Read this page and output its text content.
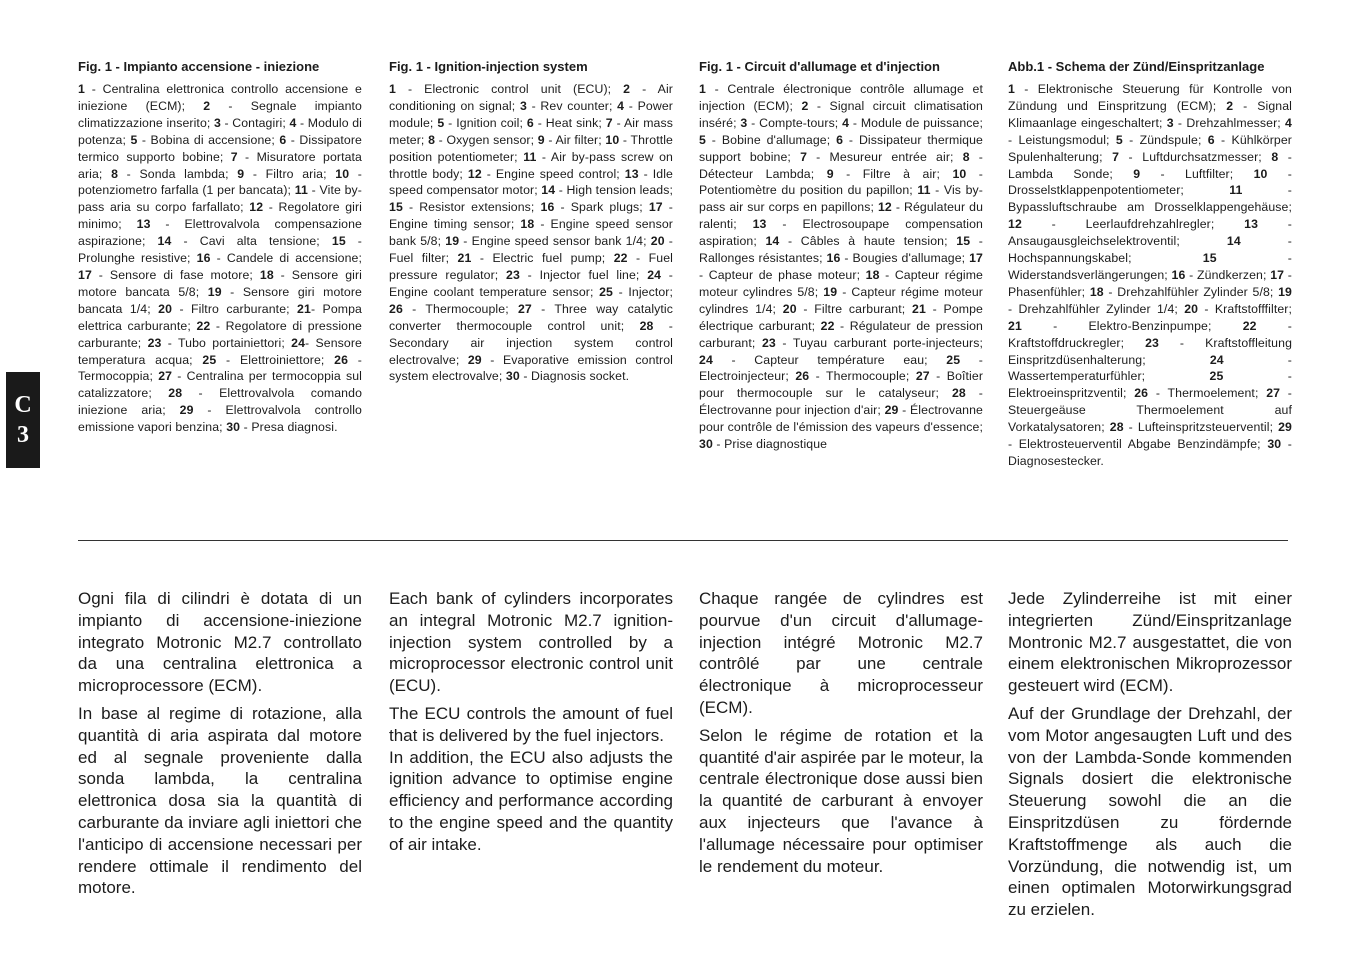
C
3
Fig. 1 - Impianto accensione - iniezione

1 - Centralina elettronica controllo accensione e iniezione (ECM); 2 - Segnale impianto climatizzazione inserito; 3 - Contagiri; 4 - Modulo di potenza; 5 - Bobina di accensione; 6 - Dissipatore termico supporto bobine; 7 - Misuratore portata aria; 8 - Sonda lambda; 9 - Filtro aria; 10 - potenziometro farfalla (1 per bancata); 11 - Vite by-pass aria su corpo farfallato; 12 - Regolatore giri minimo; 13 - Elettrovalvola compensazione aspirazione; 14 - Cavi alta tensione; 15 - Prolunghe resistive; 16 - Candele di accensione; 17 - Sensore di fase motore; 18 - Sensore giri motore bancata 5/8; 19 - Sensore giri motore bancata 1/4; 20 - Filtro carburante; 21- Pompa elettrica carburante; 22 - Regolatore di pressione carburante; 23 - Tubo portainiettori; 24- Sensore temperatura acqua; 25 - Elettroiniettore; 26 - Termocoppia; 27 - Centralina per termocoppia sul catalizzatore; 28 - Elettrovalvola comando iniezione aria; 29 - Elettrovalvola controllo emissione vapori benzina; 30 - Presa diagnosi.

Fig. 1 - Ignition-injection system

1 - Electronic control unit (ECU); 2 - Air conditioning on signal; 3 - Rev counter; 4 - Power module; 5 - Ignition coil; 6 - Heat sink; 7 - Air mass meter; 8 - Oxygen sensor; 9 - Air filter; 10 - Throttle position potentiometer; 11 - Air by-pass screw on throttle body; 12 - Engine speed control; 13 - Idle speed compensator motor; 14 - High tension leads; 15 - Resistor extensions; 16 - Spark plugs; 17 - Engine timing sensor; 18 - Engine speed sensor bank 5/8; 19 - Engine speed sensor bank 1/4; 20 - Fuel filter; 21 - Electric fuel pump; 22 - Fuel pressure regulator; 23 - Injector fuel line; 24 - Engine coolant temperature sensor; 25 - Injector; 26 - Thermocouple; 27 - Three way catalytic converter thermocouple control unit; 28 - Secondary air injection system control electrovalve; 29 - Evaporative emission control system electrovalve; 30 - Diagnosis socket.

Fig. 1 - Circuit d'allumage et d'injection

1 - Centrale électronique contrôle allumage et injection (ECM); 2 - Signal circuit climatisation inséré; 3 - Compte-tours; 4 - Module de puissance; 5 - Bobine d'allumage; 6 - Dissipateur thermique support bobine; 7 - Mesureur entrée air; 8 - Détecteur Lambda; 9 - Filtre à air; 10 - Potentiomètre du position du papillon; 11 - Vis by-pass air sur corps en papillons; 12 - Régulateur du ralenti; 13 - Electrosoupape compensation aspiration; 14 - Câbles à haute tension; 15 - Rallonges résistantes; 16 - Bougies d'allumage; 17 - Capteur de phase moteur; 18 - Capteur régime moteur cylindres 5/8; 19 - Capteur régime moteur cylindres 1/4; 20 - Filtre carburant; 21 - Pompe électrique carburant; 22 - Régulateur de pression carburant; 23 - Tuyau carburant porte-injecteurs; 24 - Capteur température eau; 25 - Electroinjecteur; 26 - Thermocouple; 27 - Boîtier pour thermocouple sur le catalyseur; 28 - Électrovanne pour injection d'air; 29 - Électrovanne pour contrôle de l'émission des vapeurs d'essence; 30 - Prise diagnostique

Abb.1 - Schema der Zünd/Einspritzanlage

1 - Elektronische Steuerung für Kontrolle von Zündung und Einspritzung (ECM); 2 - Signal Klimaanlage eingeschaltert; 3 - Drehzahlmesser; 4 - Leistungsmodul; 5 - Zündspule; 6 - Kühlkörper Spulenhalterung; 7 - Luftdurchsatzmesser; 8 - Lambda Sonde; 9 - Luftfilter; 10 - Drosselstklappenpotentiometer; 11 - Bypassluftschraube am Drosselklappengehäuse; 12 - Leerlaufdrehzahlregler; 13 - Ansaugausgleichselektroventil; 14 - Hochspannungskabel; 15 - Widerstandsverlängerungen; 16 - Zündkerzen; 17 - Phasenfühler; 18 - Drehzahlfühler Zylinder 5/8; 19 - Drehzahlfühler Zylinder 1/4; 20 - Kraftstofffilter; 21 - Elektro-Benzinpumpe; 22 - Kraftstoffdruckregler; 23 - Kraftstoffleitung Einspritzdüsenhalterung; 24 - Wassertemperaturfühler; 25 - Elektroeinspritzventil; 26 - Thermoelement; 27 - Steuergeäuse Thermoelement auf Vorkatalysatoren; 28 - Lufteinspritzsteuerventil; 29 - Elektrosteuerventil Abgabe Benzindämpfe; 30 - Diagnosestecker.

Ogni fila di cilindri è dotata di un impianto di accensione-iniezione integrato Motronic M2.7 controllato da una centralina elettronica a microprocessore (ECM).

In base al regime di rotazione, alla quantità di aria aspirata dal motore ed al segnale proveniente dalla sonda lambda, la centralina elettronica dosa sia la quantità di carburante da inviare agli iniettori che l'anticipo di accensione necessari per rendere ottimale il rendimento del motore.

Each bank of cylinders incorporates an integral Motronic M2.7 ignition-injection system controlled by a microprocessor electronic control unit (ECU).

The ECU controls the amount of fuel that is delivered by the fuel injectors.

In addition, the ECU also adjusts the ignition advance to optimise engine efficiency and performance according to the engine speed and the quantity of air intake.

Chaque rangée de cylindres est pourvue d'un circuit d'allumage-injection intégré Motronic M2.7 contrôlé par une centrale électronique à microprocesseur (ECM).

Selon le régime de rotation et la quantité d'air aspirée par le moteur, la centrale électronique dose aussi bien la quantité de carburant à envoyer aux injecteurs que l'avance à l'allumage nécessaire pour optimiser le rendement du moteur.

Jede Zylinderreihe ist mit einer integrierten Zünd/Einspritzanlage Montronic M2.7 ausgestattet, die von einem elektronischen Mikroprozessor gesteuert wird (ECM).

Auf der Grundlage der Drehzahl, der vom Motor angesaugten Luft und des von der Lambda-Sonde kommenden Signals dosiert die elektronische Steuerung sowohl die an die Einspritzdüsen zu fördernde Kraftstoffmenge als auch die Vorzündung, die notwendig ist, um einen optimalen Motorwirkungsgrad zu erzielen.
